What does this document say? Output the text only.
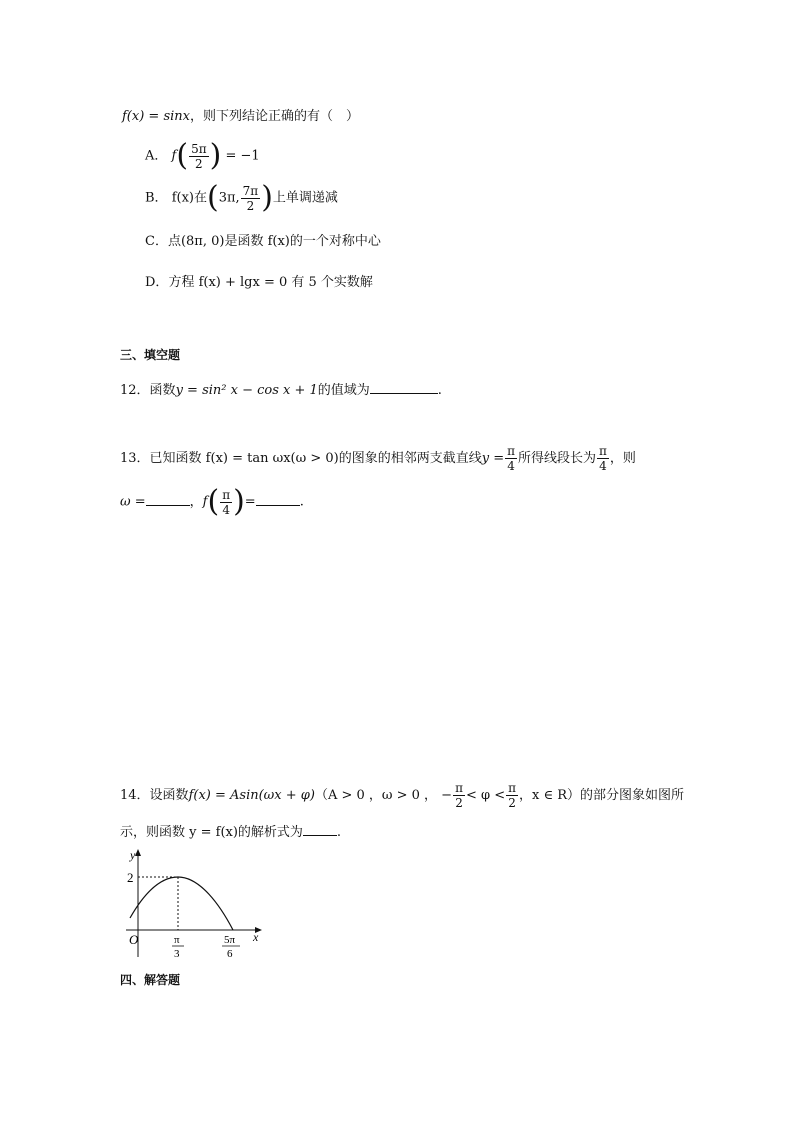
f(x) = sinx，则下列结论正确的有（　）
A． $f( \frac{5\pi}{2}$ ) = −1
B． f(x)在(3π, $\frac{7\pi}{2}$ )上单调递减
C．点(8π, 0)是函数 f(x)的一个对称中心
D．方程 f(x) + lgx = 0 有 5 个实数解
三、填空题
12．函数y = sin² x − cos x + 1的值域为	.
13．已知函数 f(x) = tan ωx(ω > 0)的图象的相邻两支截直线$y = \frac{\pi}{4}$ 所得线段长为 $\frac{\pi}{4}$ ，则
ω =	，$f( \frac{\pi}{4}$ )=	.
14．设函数f(x) = Asin(ωx + φ)（A > 0 ，ω > 0 ， − $\frac{\pi}{2} < \varphi < \frac{\pi}{2}$ ，x ∈ R）的部分图象如图所
示，则函数 y = f(x)的解析式为	.
y
x
O
2
π
3
5π
6
四、解答题
